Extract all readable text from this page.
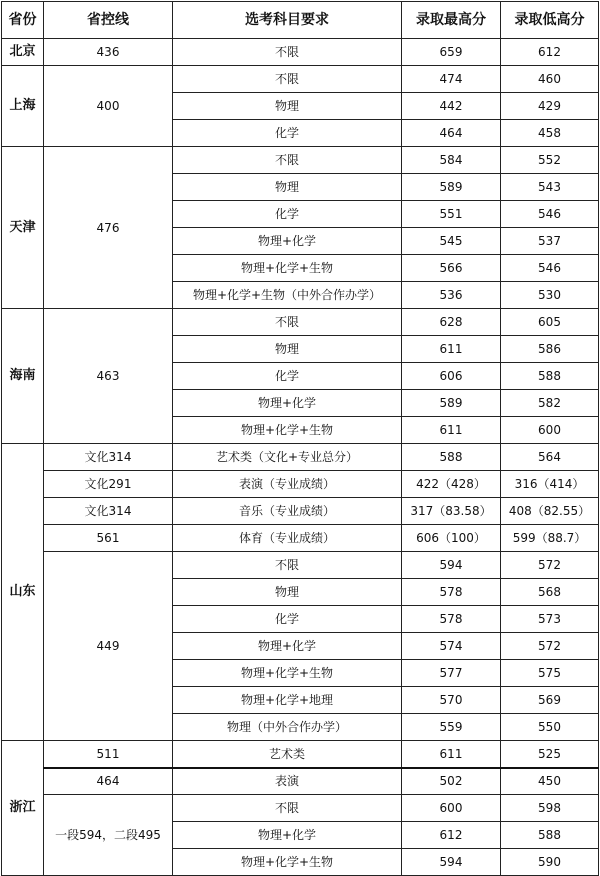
省份	省控线	选考科目要求	录取最高分	录取低高分
北京	436	不限	659	612
上海	400	不限	474	460
		物理	442	429
		化学	464	458
天津	476	不限	584	552
		物理	589	543
		化学	551	546
		物理+化学	545	537
		物理+化学+生物	566	546
		物理+化学+生物（中外合作办学）	536	530
海南	463	不限	628	605
		物理	611	586
		化学	606	588
		物理+化学	589	582
		物理+化学+生物	611	600
山东	文化314	艺术类（文化+专业总分）	588	564
	文化291	表演（专业成绩）	422（428）	316（414）
	文化314	音乐（专业成绩）	317（83.58）	408（82.55）
	561	体育（专业成绩）	606（100）	599（88.7）
	449	不限	594	572
		物理	578	568
		化学	578	573
		物理+化学	574	572
		物理+化学+生物	577	575
		物理+化学+地理	570	569
		物理（中外合作办学）	559	550
浙江	511	艺术类	611	525
	464	表演	502	450
	一段594，二段495	不限	600	598
		物理+化学	612	588
		物理+化学+生物	594	590
